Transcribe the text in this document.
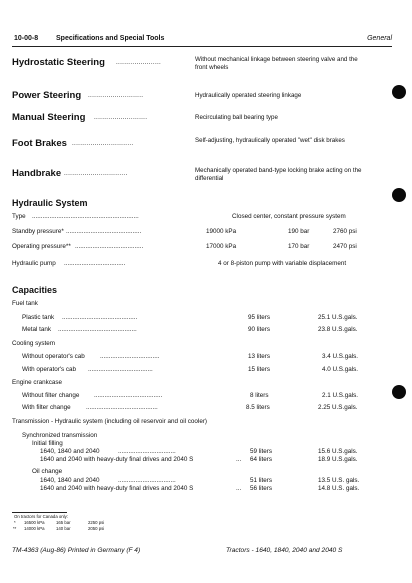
10-00-8	Specifications and Special Tools	General
Hydrostatic Steering ......................	Without mechanical linkage between steering valve and the front wheels
Power Steering ...........................	Hydraulically operated steering linkage
Manual Steering ..........................	Recirculating ball bearing type
Foot Brakes ..............................	Self-adjusting, hydraulically operated "wet" disk brakes
Handbrake ...............................	Mechanically operated band-type locking brake acting on the differential
Hydraulic System
Type .............................................................	Closed center, constant pressure system
Standby pressure* ...........................................	19000 kPa	190 bar	2760 psi
Operating pressure** .......................................	17000 kPa	170 bar	2470 psi
Hydraulic pump ...................................	4 or 8-piston pump with variable displacement
Capacities
Fuel tank
Plastic tank ...........................................	95 liters	25.1 U.S.gals.
Metal tank .............................................	90 liters	23.8 U.S.gals.
Cooling system
Without operator's cab ..................................	13 liters	3.4 U.S.gals.
With operator's cab .....................................	15 liters	4.0 U.S.gals.
Engine crankcase
Without filter change .......................................	8 liters	2.1 U.S.gals.
With filter change .........................................	8.5 liters	2.25 U.S.gals.
Transmission - Hydraulic system (including oil reservoir and oil cooler)
Synchronized transmission
Initial filling
1640, 1840 and 2040	.................................	59 liters	15.6 U.S.gals.
1640 and 2040 with heavy-duty final drives and 2040 S	... 64 liters	18.9 U.S.gals.
Oil change
1640, 1840 and 2040	.................................	51 liters	13.5 U.S. gals.
1640 and 2040 with heavy-duty final drives and 2040 S	... 56 liters	14.8 U.S. gals.
On tractors for Canada only:
* 16500 kPa	165 bar	2250 psi
** 14000 kPa	140 bar	2050 psi
TM-4363 (Aug-86) Printed in Germany (F 4)	Tractors - 1640, 1840, 2040 and 2040 S
